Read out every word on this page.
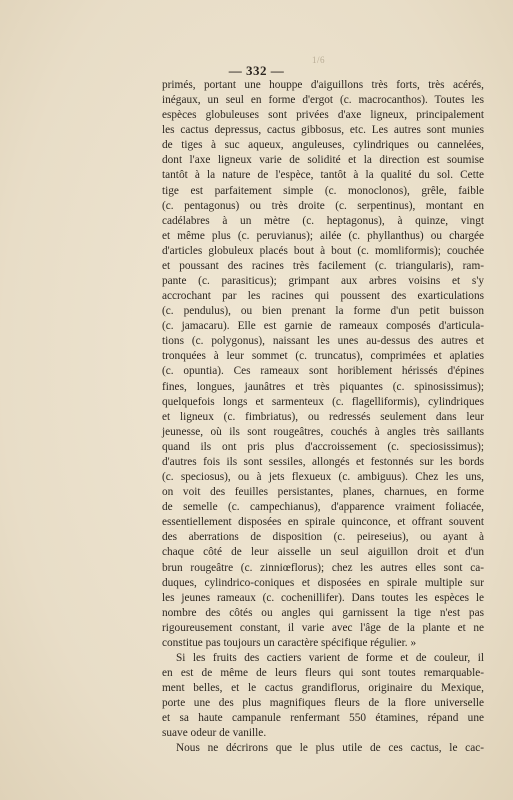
1/6
— 332 —
primés, portant une houppe d'aiguillons très forts, très acérés,
inégaux, un seul en forme d'ergot (c. macrocanthos). Toutes les
espèces globuleuses sont privées d'axe ligneux, principalement
les cactus depressus, cactus gibbosus, etc. Les autres sont munies
de tiges à suc aqueux, anguleuses, cylindriques ou cannelées,
dont l'axe ligneux varie de solidité et la direction est soumise
tantôt à la nature de l'espèce, tantôt à la qualité du sol. Cette
tige est parfaitement simple (c. monoclonos), grêle, faible
(c. pentagonus) ou très droite (c. serpentinus), montant en
cadélabres à un mètre (c. heptagonus), à quinze, vingt
et même plus (c. peruvianus); ailée (c. phyllanthus) ou chargée
d'articles globuleux placés bout à bout (c. momliformis); couchée
et poussant des racines très facilement (c. triangularis), ram-
pante (c. parasiticus); grimpant aux arbres voisins et s'y
accrochant par les racines qui poussent des exarticulations
(c. pendulus), ou bien prenant la forme d'un petit buisson
(c. jamacaru). Elle est garnie de rameaux composés d'articula-
tions (c. polygonus), naissant les unes au-dessus des autres et
tronquées à leur sommet (c. truncatus), comprimées et aplaties
(c. opuntia). Ces rameaux sont horiblement hérissés d'épines
fines, longues, jaunâtres et très piquantes (c. spinosissimus);
quelquefois longs et sarmenteux (c. flagelliformis), cylindriques
et ligneux (c. fimbriatus), ou redressés seulement dans leur
jeunesse, où ils sont rougeâtres, couchés à angles très saillants
quand ils ont pris plus d'accroissement (c. speciosissimus);
d'autres fois ils sont sessiles, allongés et festonnés sur les bords
(c. speciosus), ou à jets flexueux (c. ambiguus). Chez les uns,
on voit des feuilles persistantes, planes, charnues, en forme
de semelle (c. campechianus), d'apparence vraiment foliacée,
essentiellement disposées en spirale quinconce, et offrant souvent
des aberrations de disposition (c. peireseius), ou ayant à
chaque côté de leur aisselle un seul aiguillon droit et d'un
brun rougeâtre (c. zinniœflorus); chez les autres elles sont ca-
duques, cylindrico-coniques et disposées en spirale multiple sur
les jeunes rameaux (c. cochenillifer). Dans toutes les espèces le
nombre des côtés ou angles qui garnissent la tige n'est pas
rigoureusement constant, il varie avec l'âge de la plante et ne
constitue pas toujours un caractère spécifique régulier. »
Si les fruits des cactiers varient de forme et de couleur, il
en est de même de leurs fleurs qui sont toutes remarquable-
ment belles, et le cactus grandiflorus, originaire du Mexique,
porte une des plus magnifiques fleurs de la flore universelle
et sa haute campanule renfermant 550 étamines, répand une
suave odeur de vanille.
Nous ne décrirons que le plus utile de ces cactus, le cac-
